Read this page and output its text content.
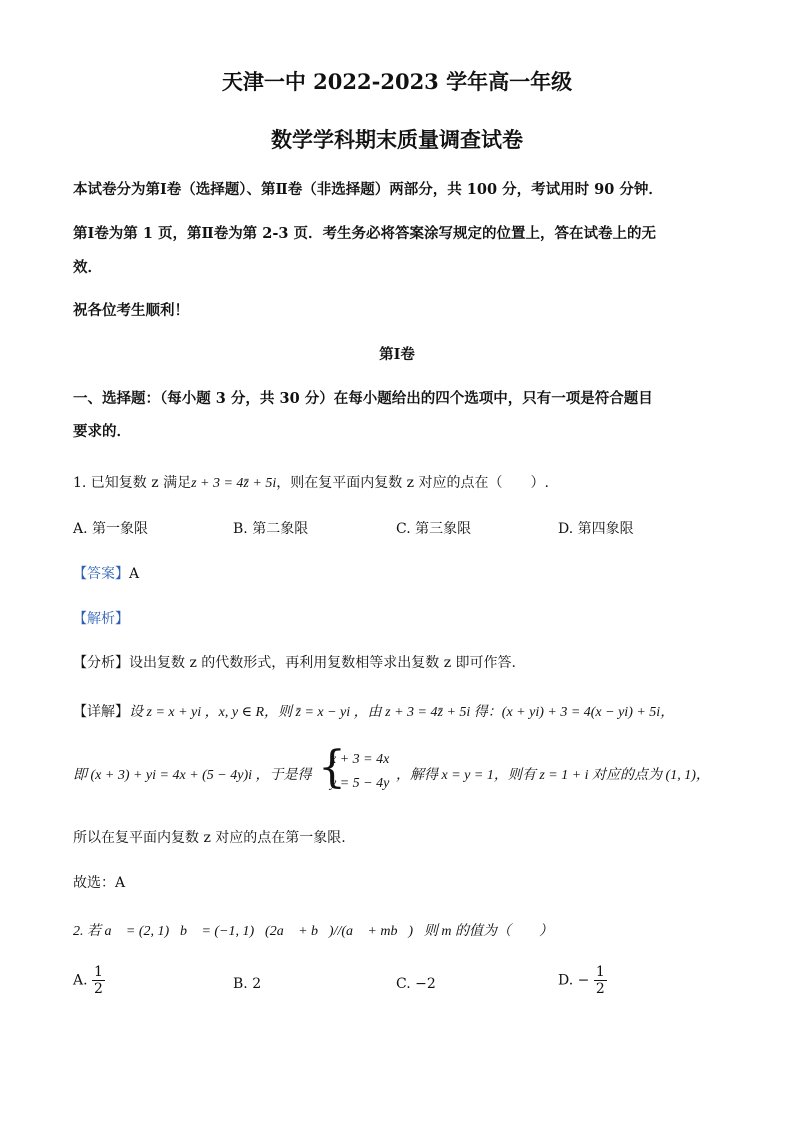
天津一中 2022-2023 学年高一年级
数学学科期末质量调查试卷
本试卷分为第Ⅰ卷（选择题）、第Ⅱ卷（非选择题）两部分，共 100 分，考试用时 90 分钟．
第Ⅰ卷为第 1 页，第Ⅱ卷为第 2-3 页．考生务必将答案涂写规定的位置上，答在试卷上的无
效．
祝各位考生顺利！
第Ⅰ卷
一、选择题：（每小题 3 分，共 30 分）在每小题给出的四个选项中，只有一项是符合题目
要求的．
1. 已知复数 z 满足z + 3 = 4z̄ + 5i，则在复平面内复数 z 对应的点在（　　）.
A. 第一象限	B. 第二象限	C. 第三象限	D. 第四象限
【答案】A
【解析】
【分析】设出复数 z 的代数形式，再利用复数相等求出复数 z 即可作答.
【详解】设 z = x + yi ，x, y ∈ R，则 z̄ = x − yi ，由 z + 3 = 4z̄ + 5i 得：(x + yi) + 3 = 4(x − yi) + 5i，
即 (x + 3) + yi = 4x + (5 − 4y)i ，于是得 {
x + 3 = 4x
y = 5 − 4y
，解得 x = y = 1，则有 z = 1 + i 对应的点为 (1, 1)，
所以在复平面内复数 z 对应的点在第一象限.
故选：A
2. 若 a⃗ = (2, 1)，b⃗ = (−1, 1)，(2a⃗ + b⃗)//(a⃗ + mb⃗)，则 m 的值为（　　）
A. $\frac{1}{2}$	B. 2	C. −2	D. − $\frac{1}{2}$
